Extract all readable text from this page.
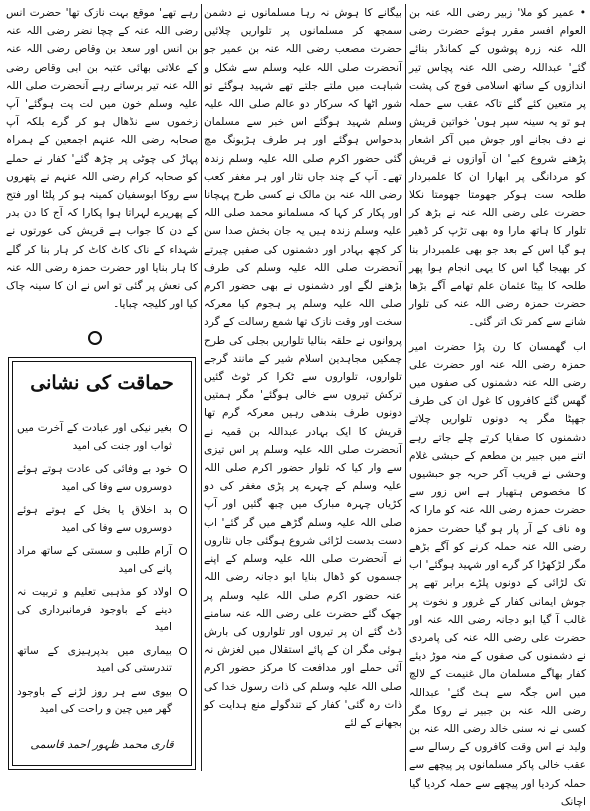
• عمیر کو ملا' زبیر رضی اللہ عنہ بن العوام افسر مقرر ہوئے حضرت رضی اللہ عنہ زرہ پوشوں کے کمانڈر بنائے گئے' عبداللہ رضی اللہ عنہ پچاس تیر اندازوں کے ساتھ اسلامی فوج کی پشت پر متعین کئے گئے تاکہ عقب سے حملہ ہو تو یہ سینہ سپر ہوں' خواتین قریش نے دف بجانے اور جوش میں آکر اشعار پڑھنے شروع کیے' ان آوازوں نے قریش کو مردانگی پر ابھارا ان کا علمبردار طلحہ ست ہوکر جھومتا جھومتا نکلا حضرت علی رضی اللہ عنہ نے بڑھ کر تلوار کا ہاتھ مارا وہ بھی تڑپ کر ڈھیر ہو گیا اس کے بعد جو بھی علمبردار بنا کر بھیجا گیا اس کا یہی انجام ہوا پھر طلحہ کا بیٹا عثمان علم تھامے آگے بڑھا حضرت حمزہ رضی اللہ عنہ کی تلوار شانے سے کمر تک اتر گئی۔

اب گھمسان کا رن پڑا حضرت امیر حمزہ رضی اللہ عنہ اور حضرت علی رضی اللہ عنہ دشمنوں کی صفوں میں گھس گئے کافروں کا غول ان کی طرف جھپٹا مگر یہ دونوں تلواریں چلاتے دشمنوں کا صفایا کرتے چلے جاتے رہے اتنے میں جبیر بن مطعم کے حبشی غلام وحشی نے قریب آکر حربہ جو حبشیوں کا مخصوص ہتھیار ہے اس زور سے حضرت حمزہ رضی اللہ عنہ کو مارا کہ وہ ناف کے آر پار ہو گیا حضرت حمزہ رضی اللہ عنہ حملہ کرنے کو آگے بڑھے مگر لڑکھڑا کر گرے اور شہید ہوگئے' اب تک لڑائی کے دونوں پلڑے برابر تھے پر جوش ایمانی کفار کے غرور و نخوت پر غالب آ گیا ابو دجانہ رضی اللہ عنہ اور حضرت علی رضی اللہ عنہ کی پامردی نے دشمنوں کی صفوں کے منہ موڑ دیئے کفار بھاگے مسلمان مال غنیمت کے لالچ میں اس جگہ سے ہٹ گئے' عبداللہ رضی اللہ عنہ بن جبیر نے روکا مگر کسی نے نہ سنی خالد رضی اللہ عنہ بن ولید نے اس وقت کافروں کے رسالے سے عقب خالی پاکر مسلمانوں پر پیچھے سے حملہ کردیا اور پیچھے سے حملہ کردیا گیا اچانک

بیگانے کا ہوش نہ رہا مسلمانوں نے دشمن سمجھ کر مسلمانوں پر تلواریں چلائیں حضرت مصعب رضی اللہ عنہ بن عمیر جو آنحضرت صلی اللہ علیہ وسلم سے شکل و شباہت میں ملتے جلتے تھے شہید ہوگئے تو شور اٹھا کہ سرکار دو عالم صلی اللہ علیہ وسلم شہید ہوگئے اس خبر سے مسلمان بدحواس ہوگئے اور ہر طرف ہڑبونگ مچ گئی حضور اکرم صلی اللہ علیہ وسلم زندہ تھے۔ آپ کے چند جاں نثار اور ہر مغفر کعب رضی اللہ عنہ بن مالک نے کسی طرح پہچانا اور پکار کر کہا کہ مسلمانو محمد صلی اللہ علیہ وسلم زندہ ہیں یہ جان بخش صدا سن کر کچھ بہادر اور دشمنوں کی صفیں چیرتے آنحضرت صلی اللہ علیہ وسلم کی طرف بڑھنے لگے اور دشمنوں نے بھی حضور اکرم صلی اللہ علیہ وسلم پر ہجوم کیا معرکہ سخت اور وقت نازک تھا شمع رسالت کے گرد پروانوں نے حلقہ بنالیا تلواریں بجلی کی طرح چمکیں مجاہدین اسلام شیر کے مانند گرجے تلواروں، تلواروں سے ٹکرا کر ٹوٹ گئیں ترکش تیروں سے خالی ہوگئے' مگر ہمتیں دونوں طرف بندھی رہیں معرکہ گرم تھا قریش کا ایک بہادر عبداللہ بن قمیہ نے آنحضرت صلی اللہ علیہ وسلم پر اس تیزی سے وار کیا کہ تلوار حضور اکرم صلی اللہ علیہ وسلم کے چہرے پر پڑی مغفر کی دو کڑیاں چہرہ مبارک میں چبھ گئیں اور آپ صلی اللہ علیہ وسلم گڑھے میں گر گئے' اب دست بدست لڑائی شروع ہوگئی جاں نثاروں نے آنحضرت صلی اللہ علیہ وسلم کے اپنے جسموں کو ڈھال بنایا ابو دجانہ رضی اللہ عنہ حضور اکرم صلی اللہ علیہ وسلم پر جھک گئے حضرت علی رضی اللہ عنہ سامنے ڈٹ گئے ان پر تیروں اور تلواروں کی بارش ہوئی مگر ان کے پائے استقلال میں لغزش نہ آئی حملے اور مدافعت کا مرکز حضور اکرم صلی اللہ علیہ وسلم کی ذات رسول خدا کی ذات رہ گئی' کفار کے تندگولے منع ہدایت کو بجھانے کے لئے

رہے تھے' موقع بہت نازک تھا' حضرت انس رضی اللہ عنہ کے چچا نضر رضی اللہ عنہ بن انس اور سعد بن وقاص رضی اللہ عنہ کے علاتی بھائی عتبہ بن ابی وقاص رضی اللہ عنہ تیر برساتے رہے آنحضرت صلی اللہ علیہ وسلم خون میں لت پت ہوگئے' آپ زخموں سے نڈھال ہو کر گرے بلکہ آپ صحابہ رضی اللہ عنہم اجمعین کے ہمراہ پہاڑ کی چوٹی پر چڑھ گئے' کفار نے حملے کو صحابہ کرام رضی اللہ عنہم نے پتھروں سے روکا ابوسفیان کمینہ ہو کر پلٹا اور فتح کے پھریرے لہراتا ہوا پکارا کہ آج کا دن بدر کے دن کا جواب ہے قریش کی عورتوں نے شہداء کے ناک کاٹ کاٹ کر ہار بنا کر گلے کا ہار بنایا اور حضرت حمزہ رضی اللہ عنہ کی نعش پر گئی تو اس نے ان کا سینہ چاک کیا اور کلیجہ چبایا۔

حماقت کی نشانی
بغیر نیکی اور عبادت کے آخرت میں ثواب اور جنت کی امید
خود بے وفائی کی عادت ہوتے ہوئے دوسروں سے وفا کی امید
بد اخلاق یا بخل کے ہوتے ہوئے دوسروں سے وفا کی امید
آرام طلبی و سستی کے ساتھ مراد پانے کی امید
اولاد کو مذہبی تعلیم و تربیت نہ دینے کے باوجود فرمانبرداری کی امید
بیماری میں بدپرہیزی کے ساتھ تندرستی کی امید
بیوی سے ہر روز لڑنے کے باوجود گھر میں چین و راحت کی امید
قاری محمد ظہور احمد قاسمی
